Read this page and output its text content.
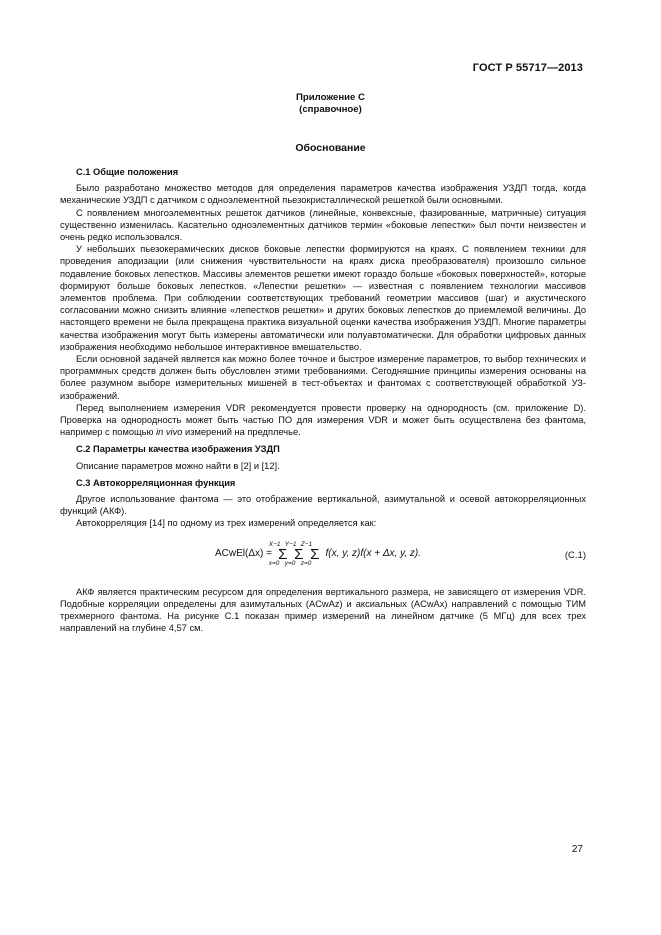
ГОСТ Р 55717—2013
Приложение С
(справочное)
Обоснование
С.1 Общие положения

Было разработано множество методов для определения параметров качества изображения УЗДП тогда, когда механические УЗДП с датчиком с одноэлементной пьезокристаллической решеткой были основными.

С появлением многоэлементных решеток датчиков (линейные, конвексные, фазированные, матричные) ситуация существенно изменилась. Касательно одноэлементных датчиков термин «боковые лепестки» был почти неизвестен и очень редко использовался.

У небольших пьезокерамических дисков боковые лепестки формируются на краях. С появлением техники для проведения аподизации (или снижения чувствительности на краях диска преобразователя) произошло сильное подавление боковых лепестков. Массивы элементов решетки имеют гораздо больше «боковых поверхностей», которые формируют больше боковых лепестков. «Лепестки решетки» — известная с появлением технологии массивов элементов проблема. При соблюдении соответствующих требований геометрии массивов (шаг) и акустического согласовании можно снизить влияние «лепестков решетки» и других боковых лепестков до приемлемой величины. До настоящего времени не была прекращена практика визуальной оценки качества изображения УЗДП. Многие параметры качества изображения могут быть измерены автоматически или полуавтоматически. Для обработки цифровых данных изображения необходимо небольшое интерактивное вмешательство.

Если основной задачей является как можно более точное и быстрое измерение параметров, то выбор технических и программных средств должен быть обусловлен этими требованиями. Сегодняшние принципы измерения основаны на более разумном выборе измерительных мишеней в тест-объектах и фантомах с соответствующей обработкой УЗ-изображений.

Перед выполнением измерения VDR рекомендуется провести проверку на однородность (см. приложение D). Проверка на однородность может быть частью ПО для измерения VDR и может быть осуществлена без фантома, например с помощью in vivo измерений на предплечье.

С.2 Параметры качества изображения УЗДП

Описание параметров можно найти в [2] и [12].

С.3 Автокорреляционная функция

Другое использование фантома — это отображение вертикальной, азимутальной и осевой автокорреляционных функций (АКФ).

Автокорреляция [14] по одному из трех измерений определяется как:

ACwEl(Δx) = Σ
X−1
x=0
Σ
Y−1
y=0
Σ
Z−1
z=0
f(x, y, z)f(x + Δx, y, z).	(C.1)

АКФ является практическим ресурсом для определения вертикального размера, не зависящего от измерения VDR. Подобные корреляции определены для азимутальных (ACwAz) и аксиальных (ACwAx) направлений с помощью ТИМ трехмерного фантома. На рисунке С.1 показан пример измерений на линейном датчике (5 МГц) для всех трех направлений на глубине 4,57 см.

27
